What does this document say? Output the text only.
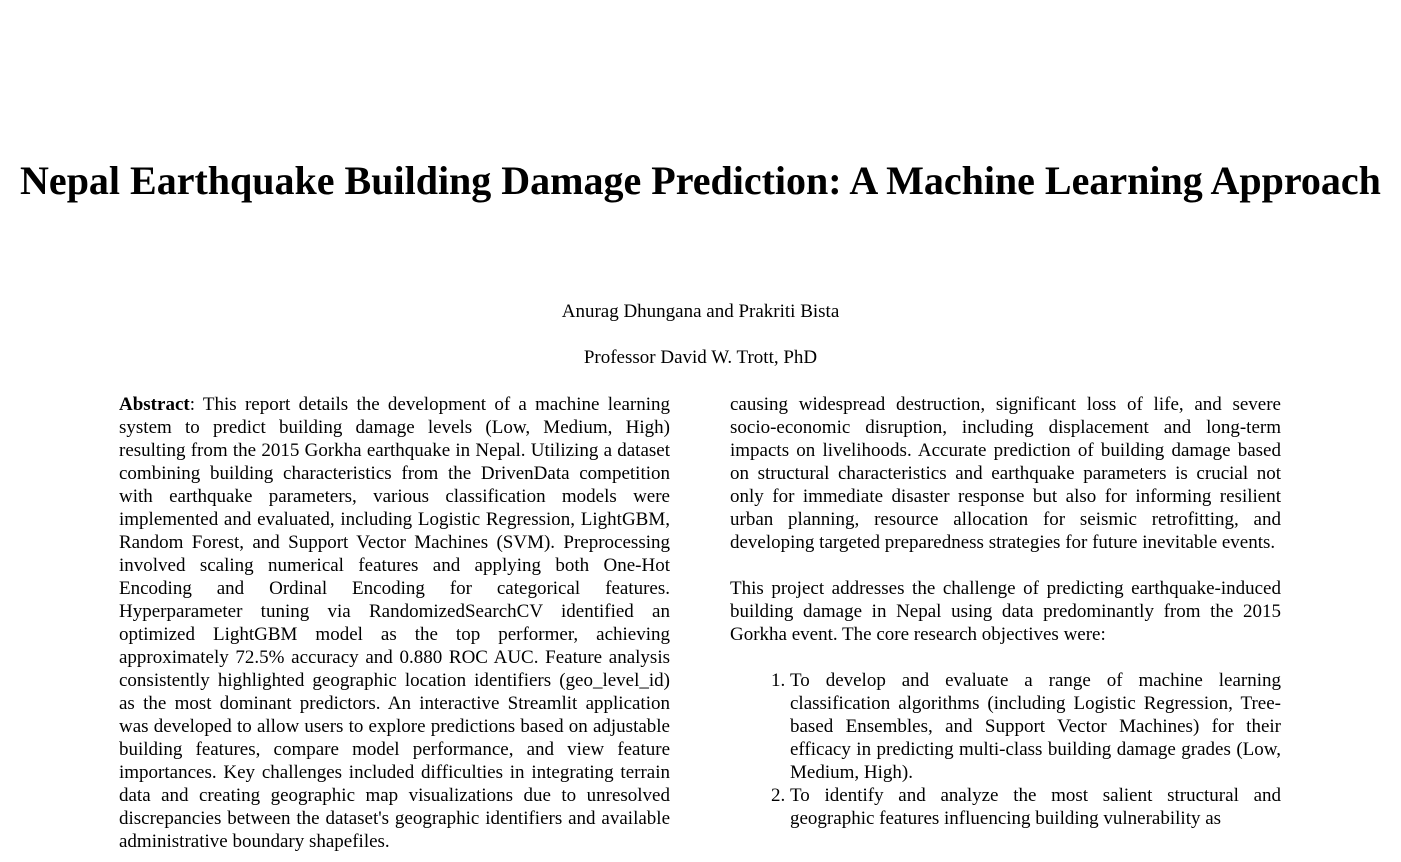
Nepal Earthquake Building Damage Prediction: A Machine Learning Approach
Anurag Dhungana and Prakriti Bista
Professor David W. Trott, PhD

Abstract: This report details the development of a machine learning system to predict building damage levels (Low, Medium, High) resulting from the 2015 Gorkha earthquake in Nepal. Utilizing a dataset combining building characteristics from the DrivenData competition with earthquake parameters, various classification models were implemented and evaluated, including Logistic Regression, LightGBM, Random Forest, and Support Vector Machines (SVM). Preprocessing involved scaling numerical features and applying both One-Hot Encoding and Ordinal Encoding for categorical features. Hyperparameter tuning via RandomizedSearchCV identified an optimized LightGBM model as the top performer, achieving approximately 72.5% accuracy and 0.880 ROC AUC. Feature analysis consistently highlighted geographic location identifiers (geo_level_id) as the most dominant predictors. An interactive Streamlit application was developed to allow users to explore predictions based on adjustable building features, compare model performance, and view feature importances. Key challenges included difficulties in integrating terrain data and creating geographic map visualizations due to unresolved discrepancies between the dataset's geographic identifiers and available administrative boundary shapefiles.

causing widespread destruction, significant loss of life, and severe socio-economic disruption, including displacement and long-term impacts on livelihoods. Accurate prediction of building damage based on structural characteristics and earthquake parameters is crucial not only for immediate disaster response but also for informing resilient urban planning, resource allocation for seismic retrofitting, and developing targeted preparedness strategies for future inevitable events.

This project addresses the challenge of predicting earthquake-induced building damage in Nepal using data predominantly from the 2015 Gorkha event. The core research objectives were:

1. To develop and evaluate a range of machine learning classification algorithms (including Logistic Regression, Tree-based Ensembles, and Support Vector Machines) for their efficacy in predicting multi-class building damage grades (Low, Medium, High).
2. To identify and analyze the most salient structural and geographic features influencing building vulnerability as
